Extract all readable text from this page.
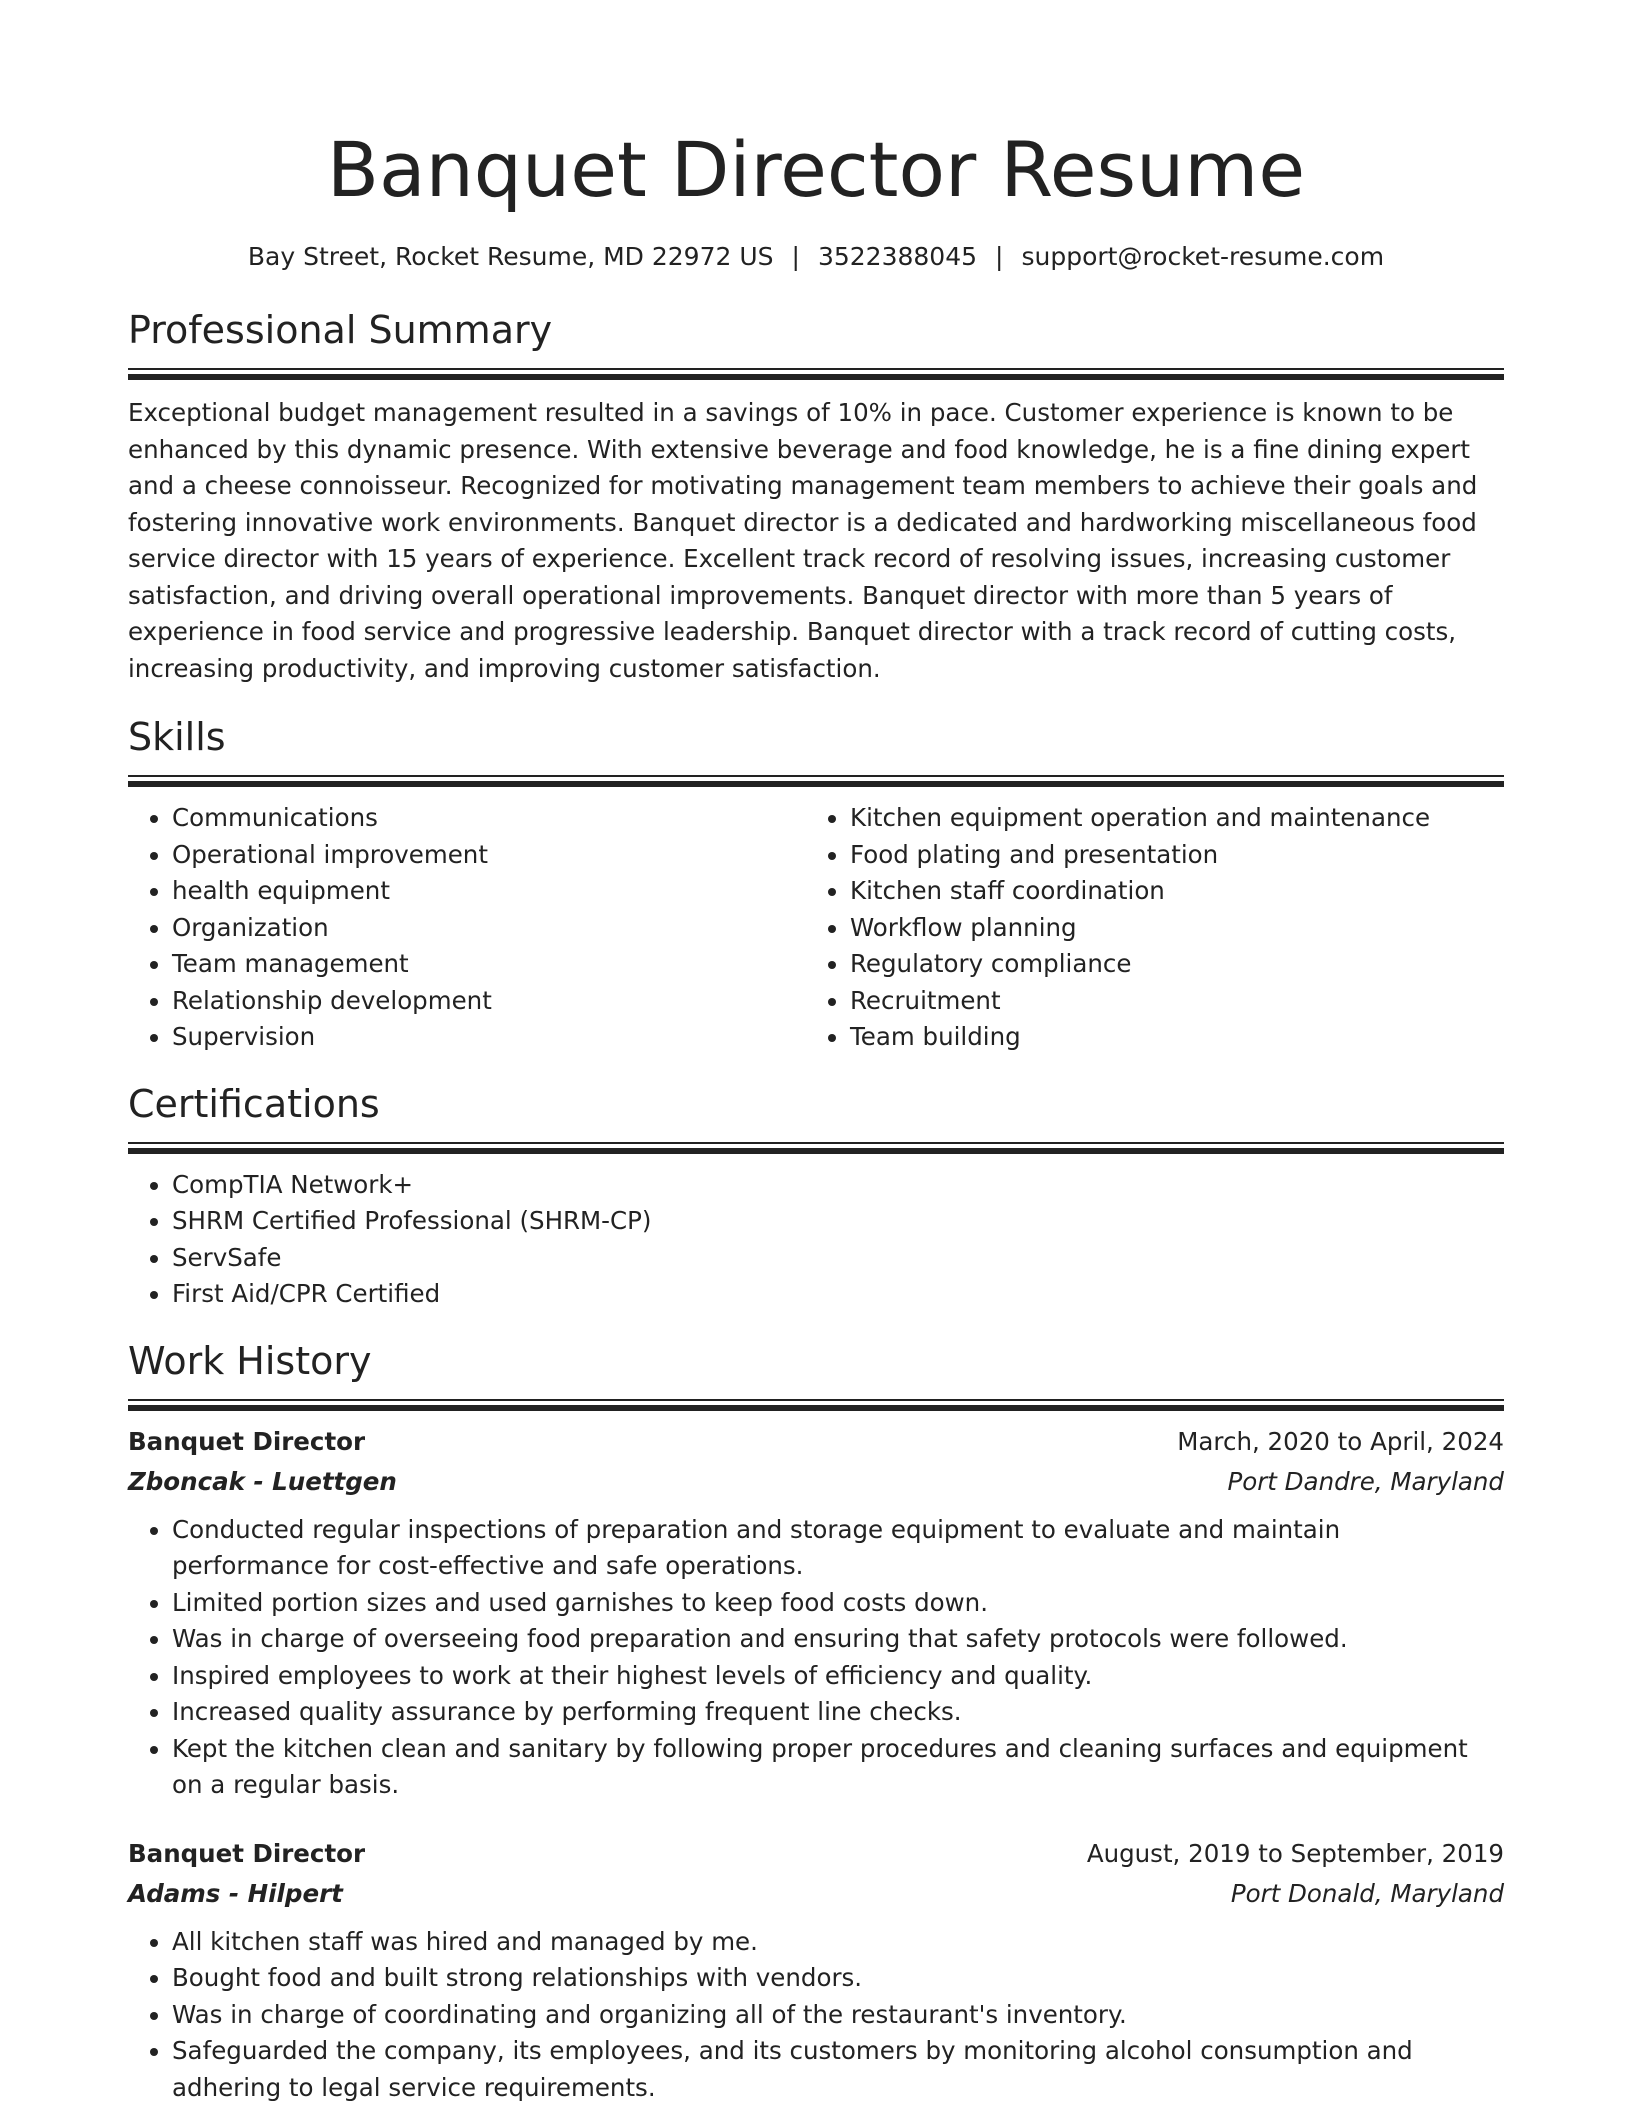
Banquet Director Resume
Bay Street, Rocket Resume, MD 22972 US | 3522388045 | support@rocket-resume.com
Professional Summary

Exceptional budget management resulted in a savings of 10% in pace. Customer experience is known to be enhanced by this dynamic presence. With extensive beverage and food knowledge, he is a fine dining expert and a cheese connoisseur. Recognized for motivating management team members to achieve their goals and fostering innovative work environments. Banquet director is a dedicated and hardworking miscellaneous food service director with 15 years of experience. Excellent track record of resolving issues, increasing customer satisfaction, and driving overall operational improvements. Banquet director with more than 5 years of experience in food service and progressive leadership. Banquet director with a track record of cutting costs, increasing productivity, and improving customer satisfaction.

Skills
• Communications
• Operational improvement
• health equipment
• Organization
• Team management
• Relationship development
• Supervision
• Kitchen equipment operation and maintenance
• Food plating and presentation
• Kitchen staff coordination
• Workflow planning
• Regulatory compliance
• Recruitment
• Team building
Certifications
• CompTIA Network+
• SHRM Certified Professional (SHRM-CP)
• ServSafe
• First Aid/CPR Certified
Work History
Banquet Director	March, 2020 to April, 2024
Zboncak - Luettgen	Port Dandre, Maryland
• Conducted regular inspections of preparation and storage equipment to evaluate and maintain performance for cost-effective and safe operations.
• Limited portion sizes and used garnishes to keep food costs down.
• Was in charge of overseeing food preparation and ensuring that safety protocols were followed.
• Inspired employees to work at their highest levels of efficiency and quality.
• Increased quality assurance by performing frequent line checks.
• Kept the kitchen clean and sanitary by following proper procedures and cleaning surfaces and equipment on a regular basis.
Banquet Director	August, 2019 to September, 2019
Adams - Hilpert	Port Donald, Maryland
• All kitchen staff was hired and managed by me.
• Bought food and built strong relationships with vendors.
• Was in charge of coordinating and organizing all of the restaurant's inventory.
• Safeguarded the company, its employees, and its customers by monitoring alcohol consumption and adhering to legal service requirements.
